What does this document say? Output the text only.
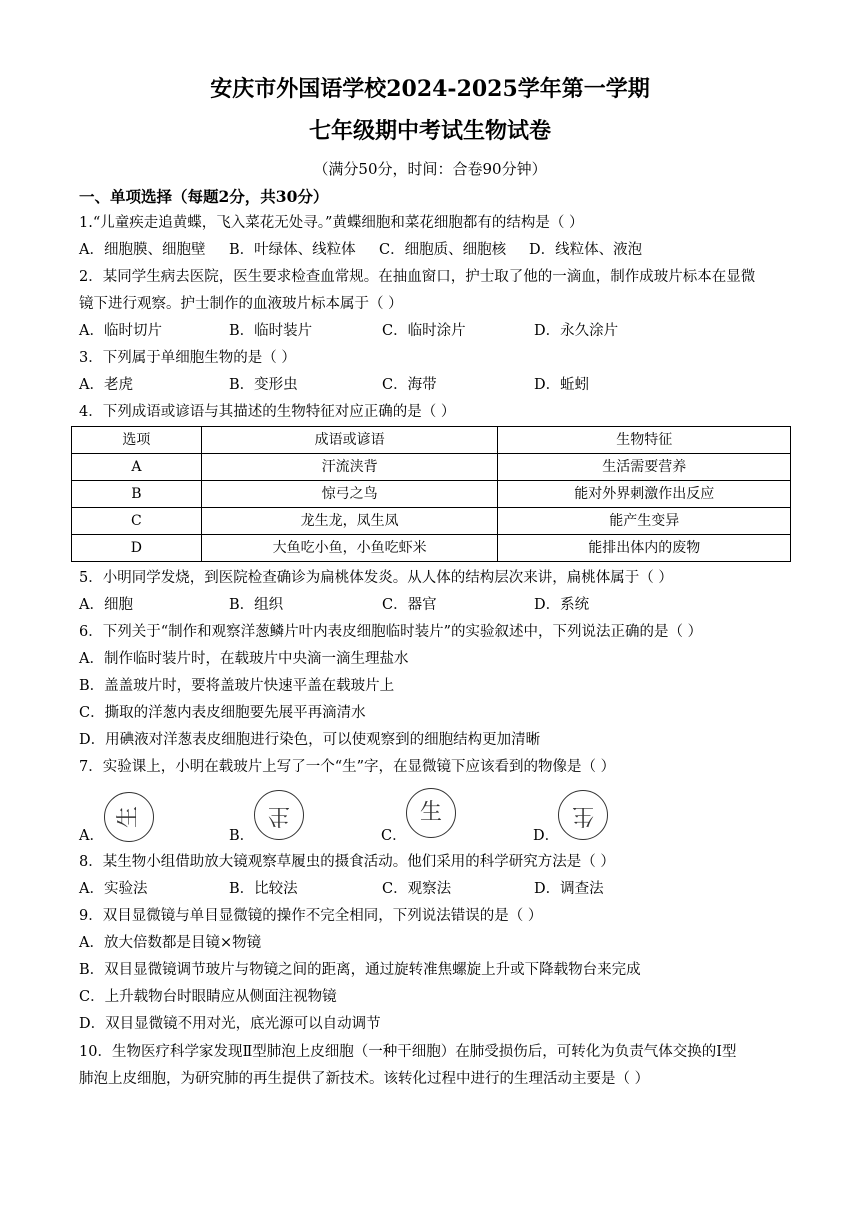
安庆市外国语学校2024-2025学年第一学期
七年级期中考试生物试卷
（满分50分，时间：合卷90分钟）
一、单项选择（每题2分，共30分）
1.“儿童疾走追黄蝶，飞入菜花无处寻。”黄蝶细胞和菜花细胞都有的结构是（ ）
A．细胞膜、细胞壁 B．叶绿体、线粒体 C．细胞质、细胞核 D．线粒体、液泡
2．某同学生病去医院，医生要求检查血常规。在抽血窗口，护士取了他的一滴血，制作成玻片标本在显微
镜下进行观察。护士制作的血液玻片标本属于（ ）
A．临时切片	B．临时装片	C．临时涂片	D．永久涂片
3．下列属于单细胞生物的是（ ）
A．老虎	B．变形虫	C．海带	D．蚯蚓
4．下列成语或谚语与其描述的生物特征对应正确的是（ ）
选项	成语或谚语	生物特征
A	汗流浃背	生活需要营养
B	惊弓之鸟	能对外界刺激作出反应
C	龙生龙，凤生凤	能产生变异
D	大鱼吃小鱼，小鱼吃虾米	能排出体内的废物
5．小明同学发烧，到医院检查确诊为扁桃体发炎。从人体的结构层次来讲，扁桃体属于（ ）
A．细胞	B．组织	C．器官	D．系统
6．下列关于“制作和观察洋葱鳞片叶内表皮细胞临时装片”的实验叙述中，下列说法正确的是（ ）
A．制作临时装片时，在载玻片中央滴一滴生理盐水
B．盖盖玻片时，要将盖玻片快速平盖在载玻片上
C．撕取的洋葱内表皮细胞要先展平再滴清水
D．用碘液对洋葱表皮细胞进行染色，可以使观察到的细胞结构更加清晰
7．实验课上，小明在载玻片上写了一个“生”字，在显微镜下应该看到的物像是（ ）
A．
生
B．
生
C．
生
D．
生
8．某生物小组借助放大镜观察草履虫的摄食活动。他们采用的科学研究方法是（ ）
A．实验法	B．比较法	C．观察法	D．调查法
9．双目显微镜与单目显微镜的操作不完全相同，下列说法错误的是（ ）
A．放大倍数都是目镜×物镜
B．双目显微镜调节玻片与物镜之间的距离，通过旋转准焦螺旋上升或下降载物台来完成
C．上升载物台时眼睛应从侧面注视物镜
D．双目显微镜不用对光，底光源可以自动调节
10．生物医疗科学家发现Ⅱ型肺泡上皮细胞（一种干细胞）在肺受损伤后，可转化为负责气体交换的Ⅰ型
肺泡上皮细胞，为研究肺的再生提供了新技术。该转化过程中进行的生理活动主要是（ ）
